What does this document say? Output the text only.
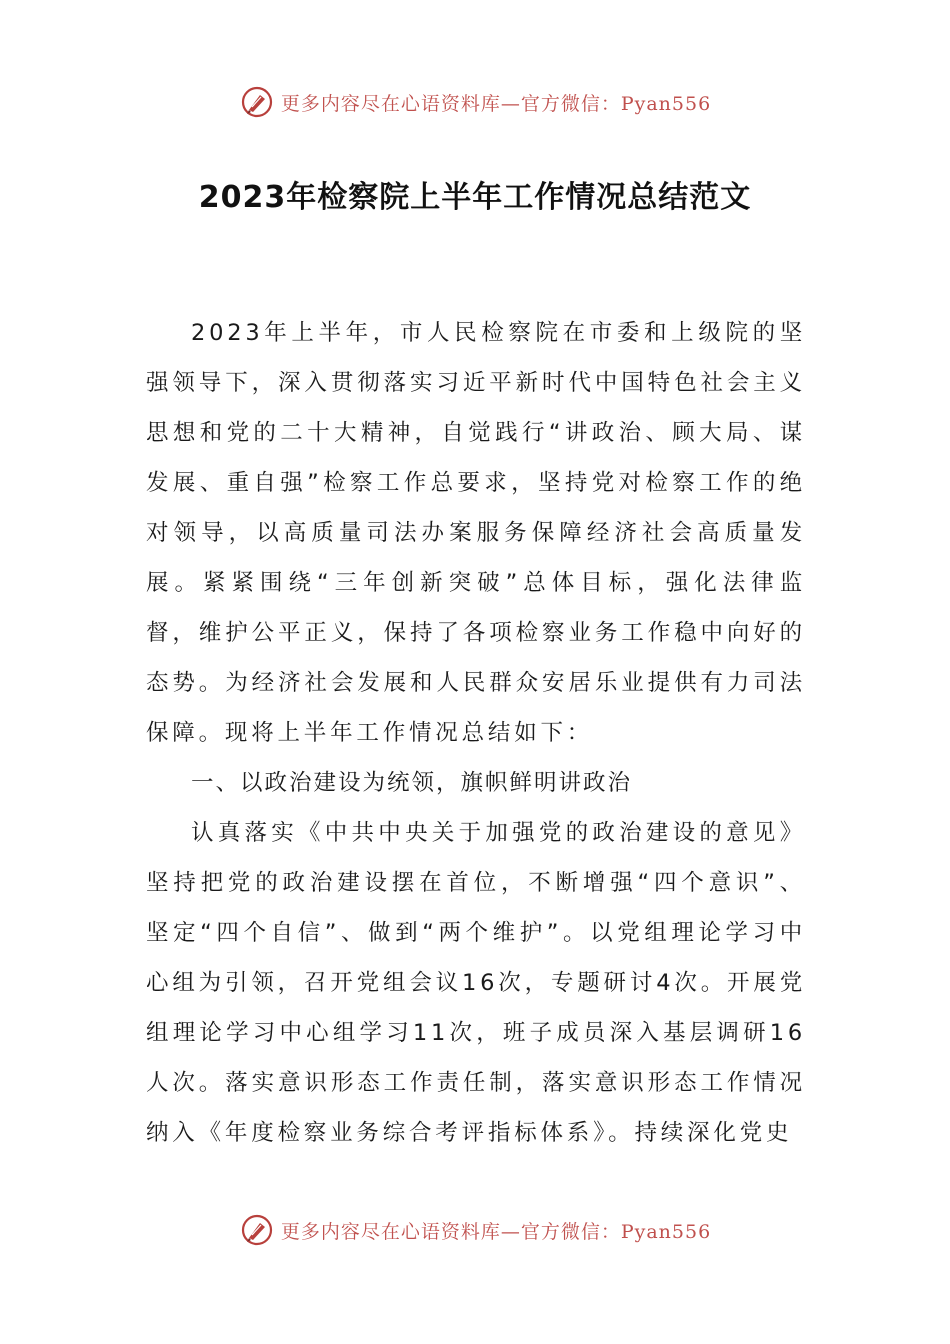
更多内容尽在心语资料库—官方微信：Pyan556
2023年检察院上半年工作情况总结范文

2023年上半年，市人民检察院在市委和上级院的坚强领导下，深入贯彻落实习近平新时代中国特色社会主义思想和党的二十大精神，自觉践行“讲政治、顾大局、谋发展、重自强”检察工作总要求，坚持党对检察工作的绝对领导，以高质量司法办案服务保障经济社会高质量发展。紧紧围绕“三年创新突破”总体目标，强化法律监督，维护公平正义，保持了各项检察业务工作稳中向好的态势。为经济社会发展和人民群众安居乐业提供有力司法保障。现将上半年工作情况总结如下：

一、以政治建设为统领，旗帜鲜明讲政治

认真落实《中共中央关于加强党的政治建设的意见》坚持把党的政治建设摆在首位，不断增强“四个意识”、坚定“四个自信”、做到“两个维护”。以党组理论学习中心组为引领，召开党组会议16次，专题研讨4次。开展党组理论学习中心组学习11次，班子成员深入基层调研16人次。落实意识形态工作责任制，落实意识形态工作情况纳入《年度检察业务综合考评指标体系》。持续深化党史

更多内容尽在心语资料库—官方微信：Pyan556
